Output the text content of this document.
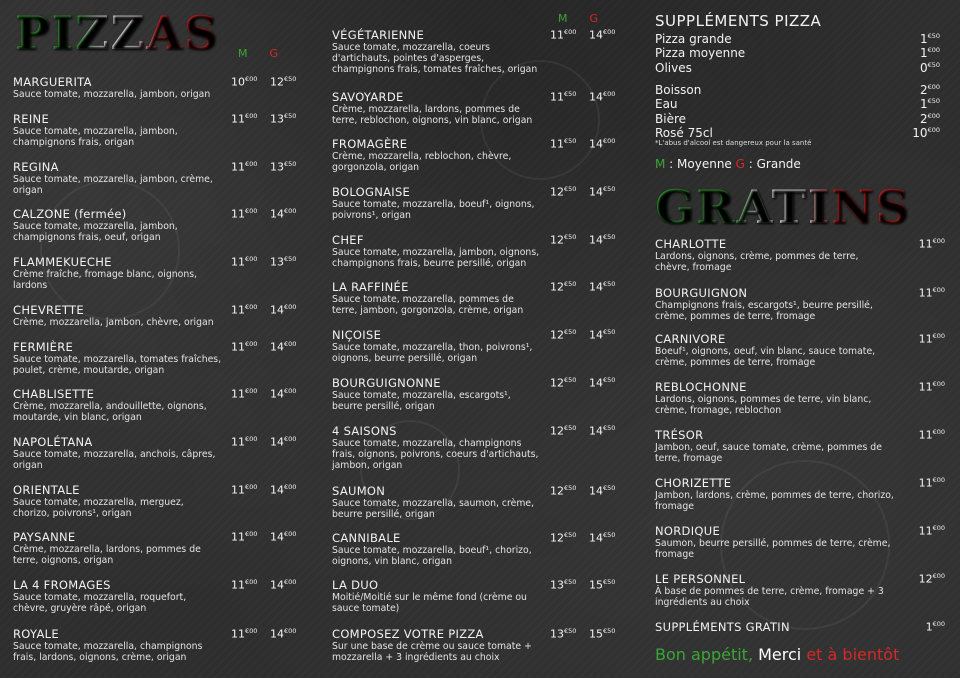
PIZZAS M G
MARGUERITA
Sauce tomate, mozzarella, jambon, origan
$10^{€00}$ $12^{€50}$
REINE
Sauce tomate, mozzarella, jambon, champignons frais, origan
$11^{€00}$ $13^{€50}$
REGINA
Sauce tomate, mozzarella, jambon, crème, origan
$11^{€00}$ $13^{€50}$
CALZONE (fermée)
Sauce tomate, mozzarella, jambon, champignons frais, oeuf, origan
$11^{€00}$ $14^{€00}$
FLAMMEKUECHE
Crème fraîche, fromage blanc, oignons, lardons
$11^{€00}$ $13^{€50}$
CHEVRETTE
Crème, mozzarella, jambon, chèvre, origan
$11^{€00}$ $14^{€00}$
FERMIÈRE
Sauce tomate, mozzarella, tomates fraîches, poulet, crème, moutarde, origan
$11^{€00}$ $14^{€00}$
CHABLISETTE
Crème, mozzarella, andouillette, oignons, moutarde, vin blanc, origan
$11^{€00}$ $14^{€00}$
NAPOLÉTANA
Sauce tomate, mozzarella, anchois, câpres, origan
$11^{€00}$ $14^{€00}$
ORIENTALE
Sauce tomate, mozzarella, merguez, chorizo, poivrons¹, origan
$11^{€00}$ $14^{€00}$
PAYSANNE
Crème, mozzarella, lardons, pommes de terre, oignons, origan
$11^{€00}$ $14^{€00}$
LA 4 FROMAGES
Sauce tomate, mozzarella, roquefort, chèvre, gruyère râpé, origan
$11^{€00}$ $14^{€00}$
ROYALE
Sauce tomate, mozzarella, champignons frais, lardons, oignons, crème, origan
$11^{€00}$ $14^{€00}$
M G
VÉGÉTARIENNE
Sauce tomate, mozzarella, coeurs d'artichauts, pointes d'asperges, champignons frais, tomates fraîches, origan
$11^{€00}$ $14^{€00}$
SAVOYARDE
Crème, mozzarella, lardons, pommes de terre, reblochon, oignons, vin blanc, origan
$11^{€50}$ $14^{€00}$
FROMAGÈRE
Crème, mozzarella, reblochon, chèvre, gorgonzola, origan
$11^{€50}$ $14^{€00}$
BOLOGNAISE
Sauce tomate, mozzarella, boeuf¹, oignons, poivrons¹, origan
$12^{€50}$ $14^{€50}$
CHEF
Sauce tomate, mozzarella, jambon, oignons, champignons frais, beurre persillé, origan
$12^{€50}$ $14^{€50}$
LA RAFFINÉE
Sauce tomate, mozzarella, pommes de terre, jambon, gorgonzola, crème, origan
$12^{€50}$ $14^{€50}$
NIÇOISE
Sauce tomate, mozzarella, thon, poivrons¹, oignons, beurre persillé, origan
$12^{€50}$ $14^{€50}$
BOURGUIGNONNE
Sauce tomate, mozzarella, escargots¹, beurre persillé, origan
$12^{€50}$ $14^{€50}$
4 SAISONS
Sauce tomate, mozzarella, champignons frais, oignons, poivrons, coeurs d'artichauts, jambon, origan
$12^{€50}$ $14^{€50}$
SAUMON
Sauce tomate, mozzarella, saumon, crème, beurre persillé, origan
$12^{€50}$ $14^{€50}$
CANNIBALE
Sauce tomate, mozzarella, boeuf¹, chorizo, oignons, vin blanc, origan
$12^{€50}$ $14^{€50}$
LA DUO
Moitié/Moitié sur le même fond (crème ou sauce tomate)
$13^{€50}$ $15^{€50}$
COMPOSEZ VOTRE PIZZA
Sur une base de crème ou sauce tomate + mozzarella + 3 ingrédients au choix
$13^{€50}$ $15^{€50}$
SUPPLÉMENTS PIZZA
Pizza grande	$1^{€50}$
Pizza moyenne	$1^{€00}$
Olives	$0^{€50}$
Boisson	$2^{€00}$
Eau	$1^{€50}$
Bière	$2^{€00}$
Rosé 75cl	$10^{€00}$
*L'abus d'alcool est dangereux pour la santé
M : Moyenne G : Grande
GRATINS
CHARLOTTE
Lardons, oignons, crème, pommes de terre, chèvre, fromage
$11^{€00}$
BOURGUIGNON
Champignons frais, escargots¹, beurre persillé, crème, pommes de terre, fromage
$11^{€00}$
CARNIVORE
Boeuf¹, oignons, oeuf, vin blanc, sauce tomate, crème, pommes de terre, fromage
$11^{€00}$
REBLOCHONNE
Lardons, oignons, pommes de terre, vin blanc, crème, fromage, reblochon
$11^{€00}$
TRÉSOR
Jambon, oeuf, sauce tomate, crème, pommes de terre, fromage
$11^{€00}$
CHORIZETTE
Jambon, lardons, crème, pommes de terre, chorizo, fromage
$11^{€00}$
NORDIQUE
Saumon, beurre persillé, pommes de terre, crème, fromage
$11^{€00}$
LE PERSONNEL
À base de pommes de terre, crème, fromage + 3 ingrédients au choix
$12^{€00}$
SUPPLÉMENTS GRATIN	$1^{€00}$
Bon appétit, Merci et à bientôt
